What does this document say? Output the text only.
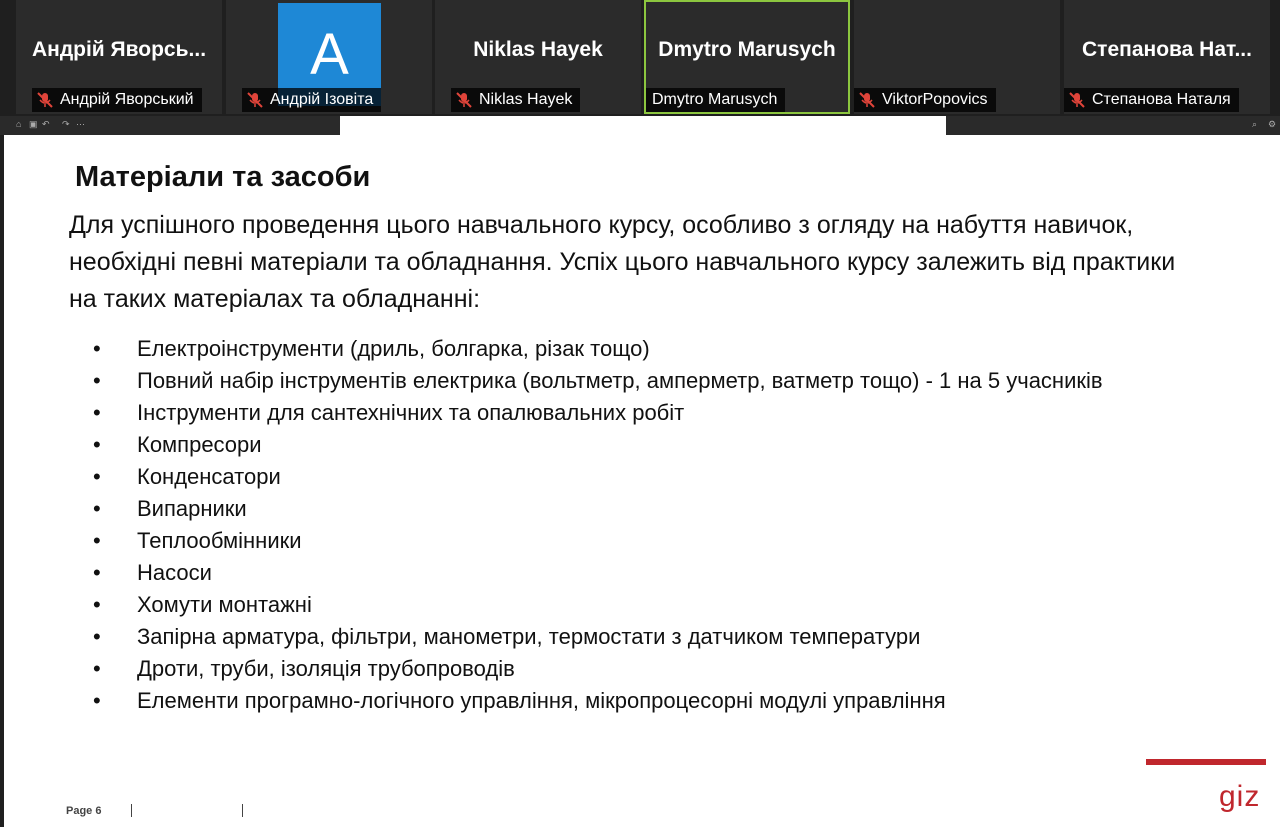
Андрій Яворсь...
Андрій Яворський
A
Андрій Ізовіта
Niklas Hayek
Niklas Hayek
Dmytro Marusych
Dmytro Marusych	ViktorPopovics
Степанова Нат...
Степанова Наталя
⌂ ▣ ↶ ↷ ⋯	⌕ ⚙
Матеріали та засоби

Для успішного проведення цього навчального курсу, особливо з огляду на набуття навичок, необхідні певні матеріали та обладнання. Успіх цього навчального курсу залежить від практики на таких матеріалах та обладнанні:

• Електроінструменти (дриль, болгарка, різак тощо)
• Повний набір інструментів електрика (вольтметр, амперметр, ватметр тощо) - 1 на 5 учасників
• Інструменти для сантехнічних та опалювальних робіт
• Компресори
• Конденсатори
• Випарники
• Теплообмінники
• Насоси
• Хомути монтажні
• Запірна арматура, фільтри, манометри, термостати з датчиком температури
• Дроти, труби, ізоляція трубопроводів
• Елементи програмно-логічного управління, мікропроцесорні модулі управління
Page 6	giz
